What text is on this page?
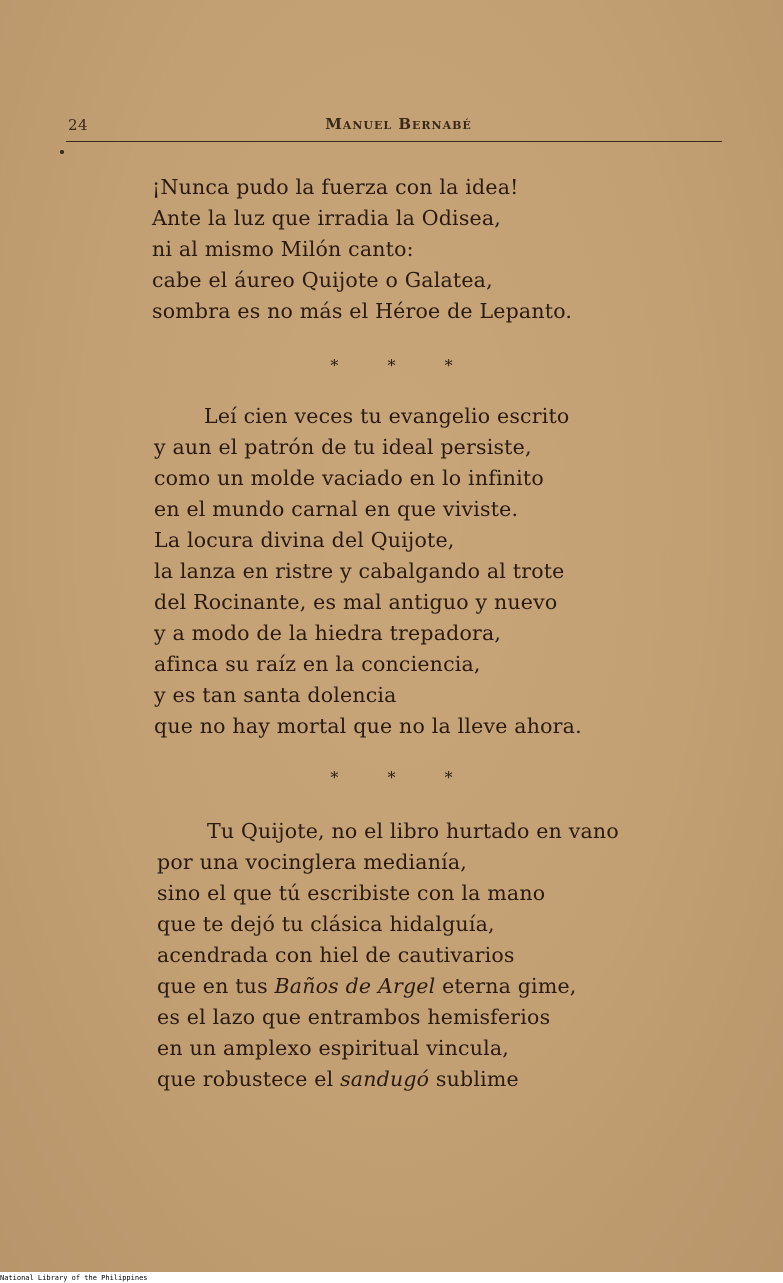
24	Manuel Bernabé
¡Nunca pudo la fuerza con la idea!
Ante la luz que irradia la Odisea,
ni al mismo Milón canto:
cabe el áureo Quijote o Galatea,
sombra es no más el Héroe de Lepanto.
* * *
Leí cien veces tu evangelio escrito
y aun el patrón de tu ideal persiste,
como un molde vaciado en lo infinito
en el mundo carnal en que viviste.
La locura divina del Quijote,
la lanza en ristre y cabalgando al trote
del Rocinante, es mal antiguo y nuevo
y a modo de la hiedra trepadora,
afinca su raíz en la conciencia,
y es tan santa dolencia
que no hay mortal que no la lleve ahora.
* * *
Tu Quijote, no el libro hurtado en vano
por una vocinglera medianía,
sino el que tú escribiste con la mano
que te dejó tu clásica hidalguía,
acendrada con hiel de cautivarios
que en tus Baños de Argel eterna gime,
es el lazo que entrambos hemisferios
en un amplexo espiritual vincula,
que robustece el sandugó sublime
National Library of the Philippines
